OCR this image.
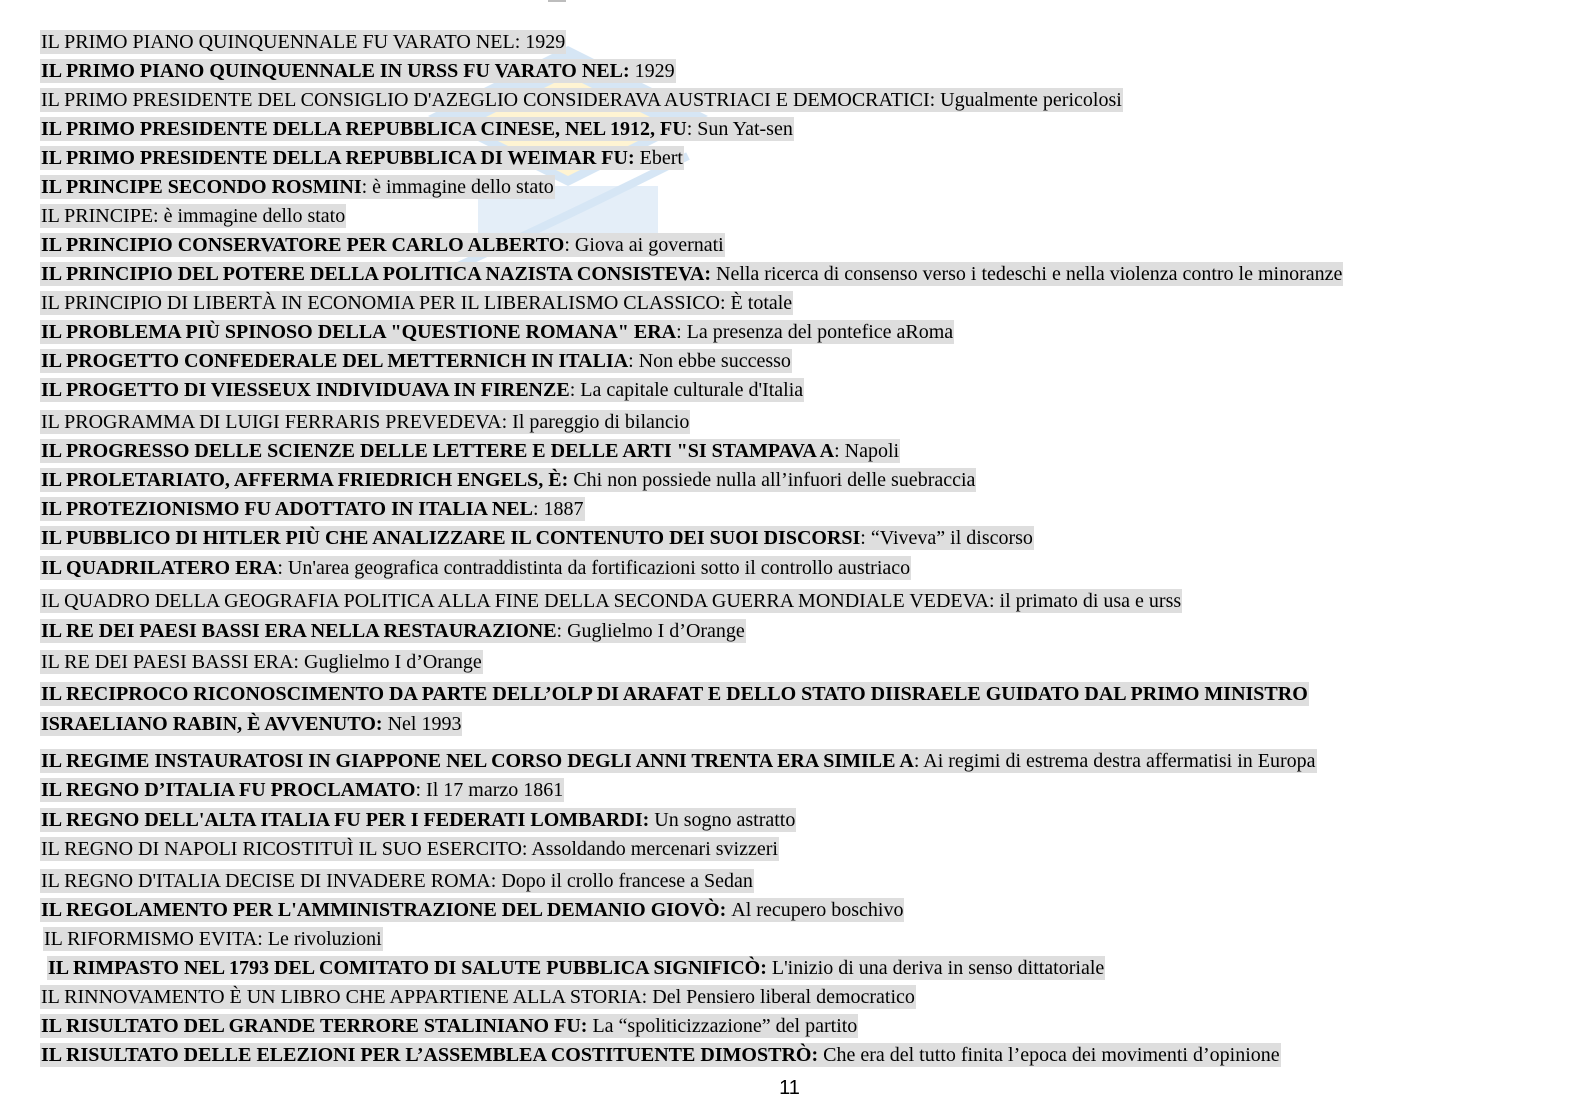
IL PRIMO PIANO QUINQUENNALE FU VARATO NEL: 1929
IL PRIMO PIANO QUINQUENNALE IN URSS FU VARATO NEL: 1929
IL PRIMO PRESIDENTE DEL CONSIGLIO D'AZEGLIO CONSIDERAVA AUSTRIACI E DEMOCRATICI: Ugualmente pericolosi
IL PRIMO PRESIDENTE DELLA REPUBBLICA CINESE, NEL 1912, FU: Sun Yat-sen
IL PRIMO PRESIDENTE DELLA REPUBBLICA DI WEIMAR FU: Ebert
IL PRINCIPE SECONDO ROSMINI: è immagine dello stato
IL PRINCIPE: è immagine dello stato
IL PRINCIPIO CONSERVATORE PER CARLO ALBERTO: Giova ai governati
IL PRINCIPIO DEL POTERE DELLA POLITICA NAZISTA CONSISTEVA: Nella ricerca di consenso verso i tedeschi e nella violenza contro le minoranze
IL PRINCIPIO DI LIBERTÀ IN ECONOMIA PER IL LIBERALISMO CLASSICO: È totale
IL PROBLEMA PIÙ SPINOSO DELLA "QUESTIONE ROMANA" ERA: La presenza del pontefice aRoma
IL PROGETTO CONFEDERALE DEL METTERNICH IN ITALIA: Non ebbe successo
IL PROGETTO DI VIESSEUX INDIVIDUAVA IN FIRENZE: La capitale culturale d'Italia
IL PROGRAMMA DI LUIGI FERRARIS PREVEDEVA: Il pareggio di bilancio
IL PROGRESSO DELLE SCIENZE DELLE LETTERE E DELLE ARTI "SI STAMPAVA A: Napoli
IL PROLETARIATO, AFFERMA FRIEDRICH ENGELS, È: Chi non possiede nulla all’infuori delle suebraccia
IL PROTEZIONISMO FU ADOTTATO IN ITALIA NEL: 1887
IL PUBBLICO DI HITLER PIÙ CHE ANALIZZARE IL CONTENUTO DEI SUOI DISCORSI: “Viveva” il discorso
IL QUADRILATERO ERA: Un'area geografica contraddistinta da fortificazioni sotto il controllo austriaco
IL QUADRO DELLA GEOGRAFIA POLITICA ALLA FINE DELLA SECONDA GUERRA MONDIALE VEDEVA: il primato di usa e urss
IL RE DEI PAESI BASSI ERA NELLA RESTAURAZIONE: Guglielmo I d’Orange
IL RE DEI PAESI BASSI ERA: Guglielmo I d’Orange
IL RECIPROCO RICONOSCIMENTO DA PARTE DELL’OLP DI ARAFAT E DELLO STATO DIISRAELE GUIDATO DAL PRIMO MINISTRO
ISRAELIANO RABIN, È AVVENUTO: Nel 1993
IL REGIME INSTAURATOSI IN GIAPPONE NEL CORSO DEGLI ANNI TRENTA ERA SIMILE A: Ai regimi di estrema destra affermatisi in Europa
IL REGNO D’ITALIA FU PROCLAMATO: Il 17 marzo 1861
IL REGNO DELL'ALTA ITALIA FU PER I FEDERATI LOMBARDI: Un sogno astratto
IL REGNO DI NAPOLI RICOSTITUÌ IL SUO ESERCITO: Assoldando mercenari svizzeri
IL REGNO D'ITALIA DECISE DI INVADERE ROMA: Dopo il crollo francese a Sedan
IL REGOLAMENTO PER L'AMMINISTRAZIONE DEL DEMANIO GIOVÒ: Al recupero boschivo
IL RIFORMISMO EVITA: Le rivoluzioni
IL RIMPASTO NEL 1793 DEL COMITATO DI SALUTE PUBBLICA SIGNIFICÒ: L'inizio di una deriva in senso dittatoriale
IL RINNOVAMENTO È UN LIBRO CHE APPARTIENE ALLA STORIA: Del Pensiero liberal democratico
IL RISULTATO DEL GRANDE TERRORE STALINIANO FU: La “spoliticizzazione” del partito
IL RISULTATO DELLE ELEZIONI PER L’ASSEMBLEA COSTITUENTE DIMOSTRÒ: Che era del tutto finita l’epoca dei movimenti d’opinione
11
